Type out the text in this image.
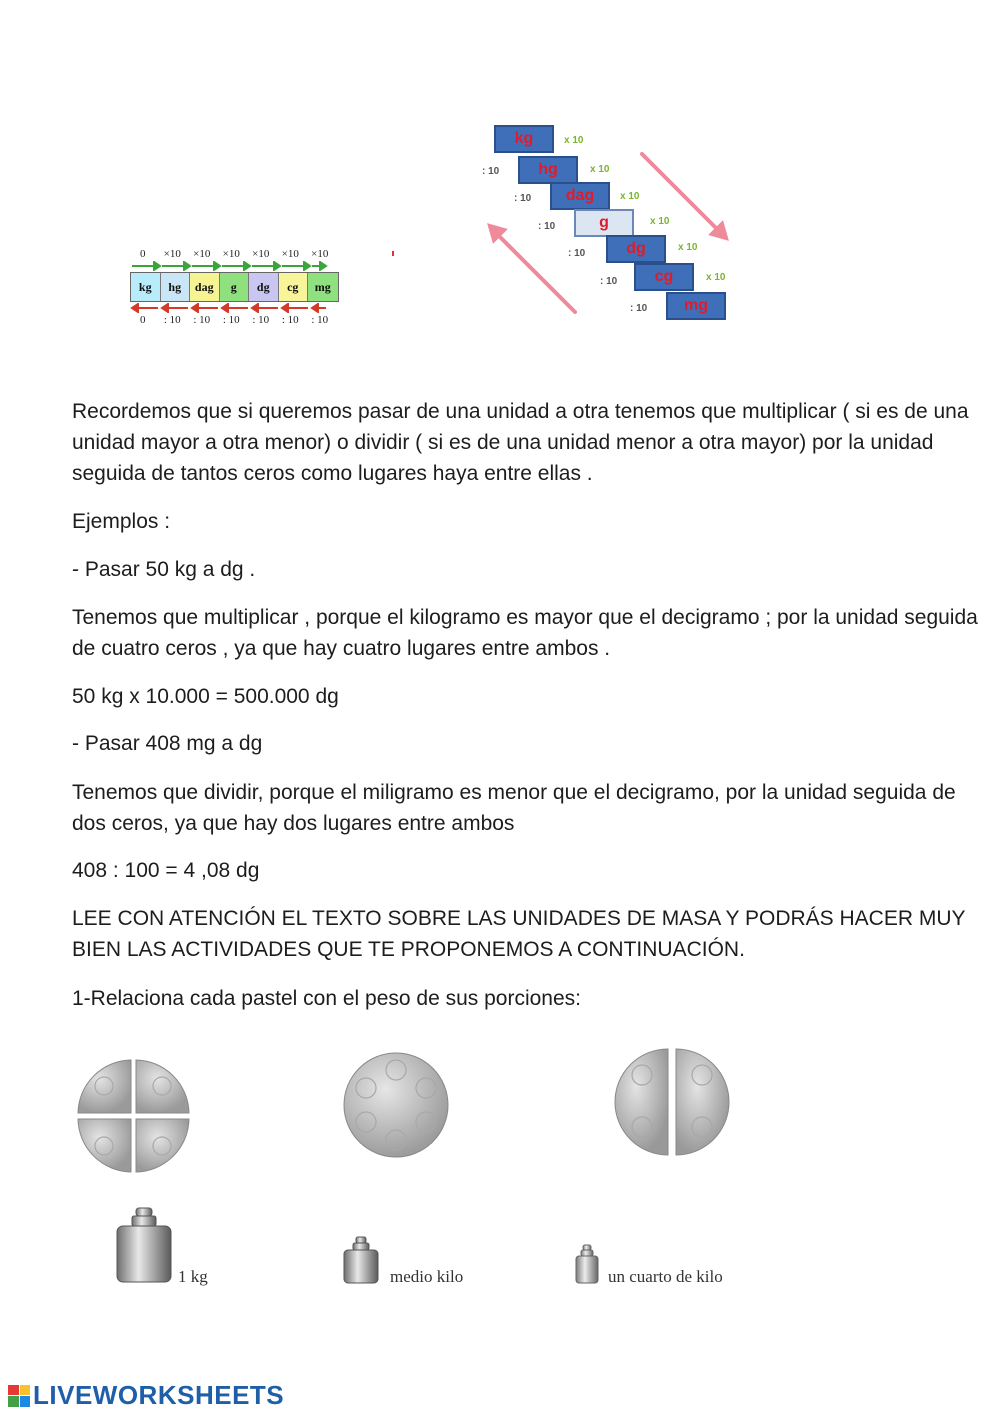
0	×10	×10	×10	×10	×10	×10
kg	hg	dag	g	dg	cg	mg
0	: 10	: 10	: 10	: 10	: 10	: 10
kg
hg
dag
g
dg
cg
mg
x 10
x 10
x 10
x 10
x 10
x 10
: 10
: 10
: 10
: 10
: 10
: 10
Recordemos que si queremos pasar de una unidad a otra tenemos que multiplicar ( si es de una unidad mayor a otra menor) o dividir ( si es de una unidad menor a otra mayor) por la unidad seguida de tantos ceros como lugares haya entre ellas .
Ejemplos :
- Pasar 50 kg a dg .
Tenemos que multiplicar , porque el kilogramo es mayor que el decigramo ; por la unidad seguida de cuatro ceros , ya que hay cuatro lugares entre ambos .
50 kg x 10.000 = 500.000 dg
- Pasar 408 mg a dg
Tenemos que dividir, porque el miligramo es menor que el decigramo, por la unidad seguida de dos ceros, ya que hay dos lugares entre ambos
408 : 100 = 4 ,08 dg
LEE CON ATENCIÓN EL TEXTO SOBRE LAS UNIDADES DE MASA Y PODRÁS HACER MUY BIEN LAS ACTIVIDADES QUE TE PROPONEMOS A CONTINUACIÓN.
1-Relaciona cada pastel con el peso de sus porciones:
1 kg	medio kilo	un cuarto de kilo
LIVEWORKSHEETS
